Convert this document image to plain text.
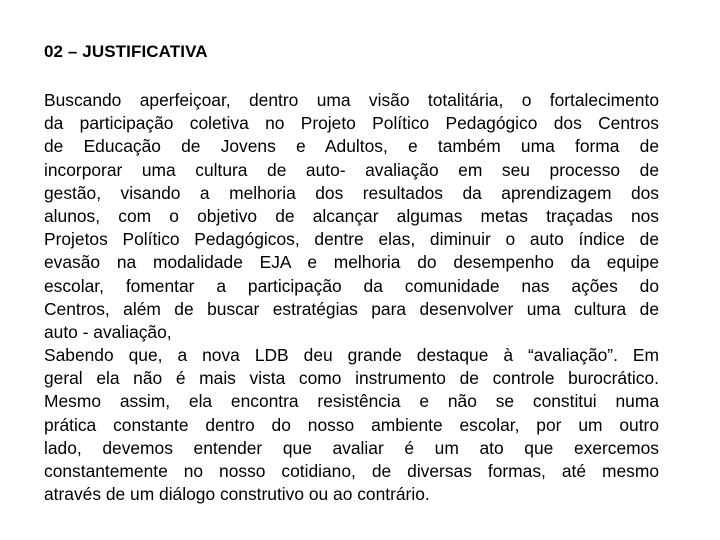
02 – JUSTIFICATIVA
Buscando aperfeiçoar, dentro uma visão totalitária, o fortalecimento
da participação coletiva no Projeto Político Pedagógico dos Centros
de Educação de Jovens e Adultos, e também uma forma de
incorporar uma cultura de auto- avaliação em seu processo de
gestão, visando a melhoria dos resultados da aprendizagem dos
alunos, com o objetivo de alcançar algumas metas traçadas nos
Projetos Político Pedagógicos, dentre elas, diminuir o auto índice de
evasão na modalidade EJA e melhoria do desempenho da equipe
escolar, fomentar a participação da comunidade nas ações do
Centros, além de buscar estratégias para desenvolver uma cultura de
auto - avaliação,
Sabendo que, a nova LDB deu grande destaque à “avaliação”. Em
geral ela não é mais vista como instrumento de controle burocrático.
Mesmo assim, ela encontra resistência e não se constitui numa
prática constante dentro do nosso ambiente escolar, por um outro
lado, devemos entender que avaliar é um ato que exercemos
constantemente no nosso cotidiano, de diversas formas, até mesmo
através de um diálogo construtivo ou ao contrário.
